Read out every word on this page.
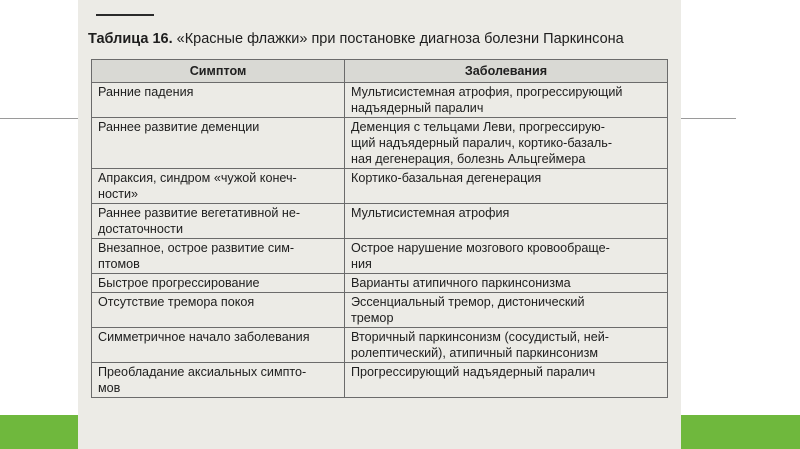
Таблица 16. «Красные флажки» при постановке диагноза болезни Паркинсона
Симптом	Заболевания

Ранние падения	Мультисистемная атрофия, прогрессирующий
надъядерный паралич

Раннее развитие деменции	Деменция с тельцами Леви, прогрессирую-
щий надъядерный паралич, кортико-базаль-
ная дегенерация, болезнь Альцгеймера

Апраксия, синдром «чужой конеч-
ности»	Кортико-базальная дегенерация

Раннее развитие вегетативной не-
достаточности	Мультисистемная атрофия

Внезапное, острое развитие сим-
птомов	Острое нарушение мозгового кровообраще-
ния

Быстрое прогрессирование	Варианты атипичного паркинсонизма

Отсутствие тремора покоя	Эссенциальный тремор, дистонический
тремор

Симметричное начало заболевания	Вторичный паркинсонизм (сосудистый, ней-
ролептический), атипичный паркинсонизм

Преобладание аксиальных симпто-
мов	Прогрессирующий надъядерный паралич
